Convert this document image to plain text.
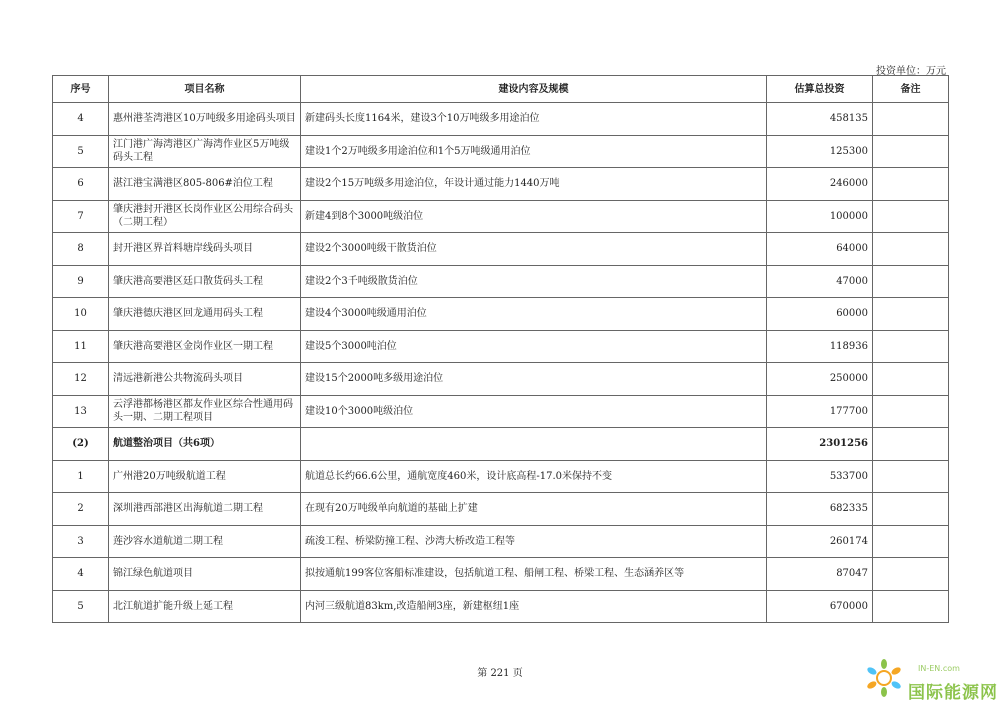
投资单位：万元
序号	项目名称	建设内容及规模	估算总投资	备注
4	惠州港荃湾港区10万吨级多用途码头项目	新建码头长度1164米，建设3个10万吨级多用途泊位	458135	
5	江门港广海湾港区广海湾作业区5万吨级码头工程	建设1个2万吨级多用途泊位和1个5万吨级通用泊位	125300	
6	湛江港宝满港区805-806#泊位工程	建设2个15万吨级多用途泊位，年设计通过能力1440万吨	246000	
7	肇庆港封开港区长岗作业区公用综合码头（二期工程）	新建4到8个3000吨级泊位	100000	
8	封开港区界首料塘岸线码头项目	建设2个3000吨级干散货泊位	64000	
9	肇庆港高要港区廷口散货码头工程	建设2个3千吨级散货泊位	47000	
10	肇庆港德庆港区回龙通用码头工程	建设4个3000吨级通用泊位	60000	
11	肇庆港高要港区金岗作业区一期工程	建设5个3000吨泊位	118936	
12	清远港新港公共物流码头项目	建设15个2000吨多级用途泊位	250000	
13	云浮港都杨港区都友作业区综合性通用码头一期、二期工程项目	建设10个3000吨级泊位	177700	
(2)	航道整治项目（共6项）		2301256	
1	广州港20万吨级航道工程	航道总长约66.6公里，通航宽度460米，设计底高程-17.0米保持不变	533700	
2	深圳港西部港区出海航道二期工程	在现有20万吨级单向航道的基础上扩建	682335	
3	莲沙容水道航道二期工程	疏浚工程、桥梁防撞工程、沙湾大桥改造工程等	260174	
4	锦江绿色航道项目	拟按通航199客位客船标准建设，包括航道工程、船闸工程、桥梁工程、生态涵养区等	87047	
5	北江航道扩能升级上延工程	内河三级航道83km,改造船闸3座，新建枢纽1座	670000	
第 221 页	IN-EN.com
国际能源网
